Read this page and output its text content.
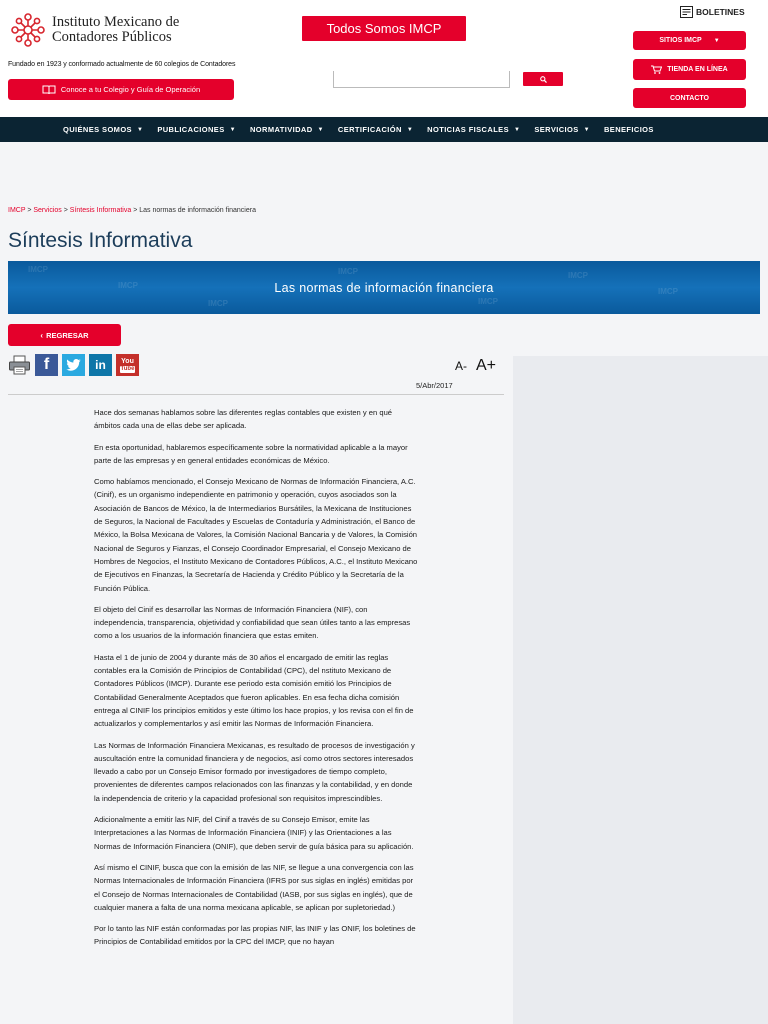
Instituto Mexicano de
Contadores Públicos
Fundado en 1923 y conformado actualmente de 60 colegios de Contadores
Conoce a tu Colegio y Guía de Operación
Todos Somos IMCP
BOLETINES
SITIOS IMCP ▼
TIENDA EN LÍNEA
CONTACTO
QUIÉNES SOMOS ▼ PUBLICACIONES ▼ NORMATIVIDAD ▼ CERTIFICACIÓN ▼ NOTICIAS FISCALES ▼ SERVICIOS ▼ BENEFICIOS
IMCP > Servicios > Síntesis Informativa > Las normas de información financiera
Síntesis Informativa
IMCP
IMCP
IMCP
IMCP
IMCP
IMCP
IMCP
Las normas de información financiera
‹ REGRESAR
f	in You
Tube	A- A+
5/Abr/2017

Hace dos semanas hablamos sobre las diferentes reglas contables que existen y en qué ámbitos cada una de ellas debe ser aplicada.

En esta oportunidad, hablaremos específicamente sobre la normatividad aplicable a la mayor parte de las empresas y en general entidades económicas de México.

Como habíamos mencionado, el Consejo Mexicano de Normas de Información Financiera, A.C. (Cinif), es un organismo independiente en patrimonio y operación, cuyos asociados son la Asociación de Bancos de México, la de Intermediarios Bursátiles, la Mexicana de Instituciones de Seguros, la Nacional de Facultades y Escuelas de Contaduría y Administración, el Banco de México, la Bolsa Mexicana de Valores, la Comisión Nacional Bancaria y de Valores, la Comisión Nacional de Seguros y Fianzas, el Consejo Coordinador Empresarial, el Consejo Mexicano de Hombres de Negocios, el Instituto Mexicano de Contadores Públicos, A.C., el Instituto Mexicano de Ejecutivos en Finanzas, la Secretaría de Hacienda y Crédito Público y la Secretaría de la Función Pública.

El objeto del Cinif es desarrollar las Normas de Información Financiera (NIF), con independencia, transparencia, objetividad y confiabilidad que sean útiles tanto a las empresas como a los usuarios de la información financiera que estas emiten.

Hasta el 1 de junio de 2004 y durante más de 30 años el encargado de emitir las reglas contables era la Comisión de Principios de Contabilidad (CPC), del nstituto Mexicano de Contadores Públicos (IMCP). Durante ese periodo esta comisión emitió los Principios de Contabilidad Generalmente Aceptados que fueron aplicables. En esa fecha dicha comisión entrega al CINIF los principios emitidos y este último los hace propios, y los revisa con el fin de actualizarlos y complementarlos y así emitir las Normas de Información Financiera.

Las Normas de Información Financiera Mexicanas, es resultado de procesos de investigación y auscultación entre la comunidad financiera y de negocios, así como otros sectores interesados llevado a cabo por un Consejo Emisor formado por investigadores de tiempo completo, provenientes de diferentes campos relacionados con las finanzas y la contabilidad, y en donde la independencia de criterio y la capacidad profesional son requisitos imprescindibles.

Adicionalmente a emitir las NIF, del Cinif a través de su Consejo Emisor, emite las Interpretaciones a las Normas de Información Financiera (INIF) y las Orientaciones a las Normas de Información Financiera (ONIF), que deben servir de guía básica para su aplicación.

Así mismo el CINIF, busca que con la emisión de las NIF, se llegue a una convergencia con las Normas Internacionales de Información Financiera (IFRS por sus siglas en inglés) emitidas por el Consejo de Normas Internacionales de Contabilidad (IASB, por sus siglas en inglés), que de cualquier manera a falta de una norma mexicana aplicable, se aplican por supletoriedad.)

Por lo tanto las NIF están conformadas por las propias NIF, las INIF y las ONIF, los boletines de Principios de Contabilidad emitidos por la CPC del IMCP, que no hayan
